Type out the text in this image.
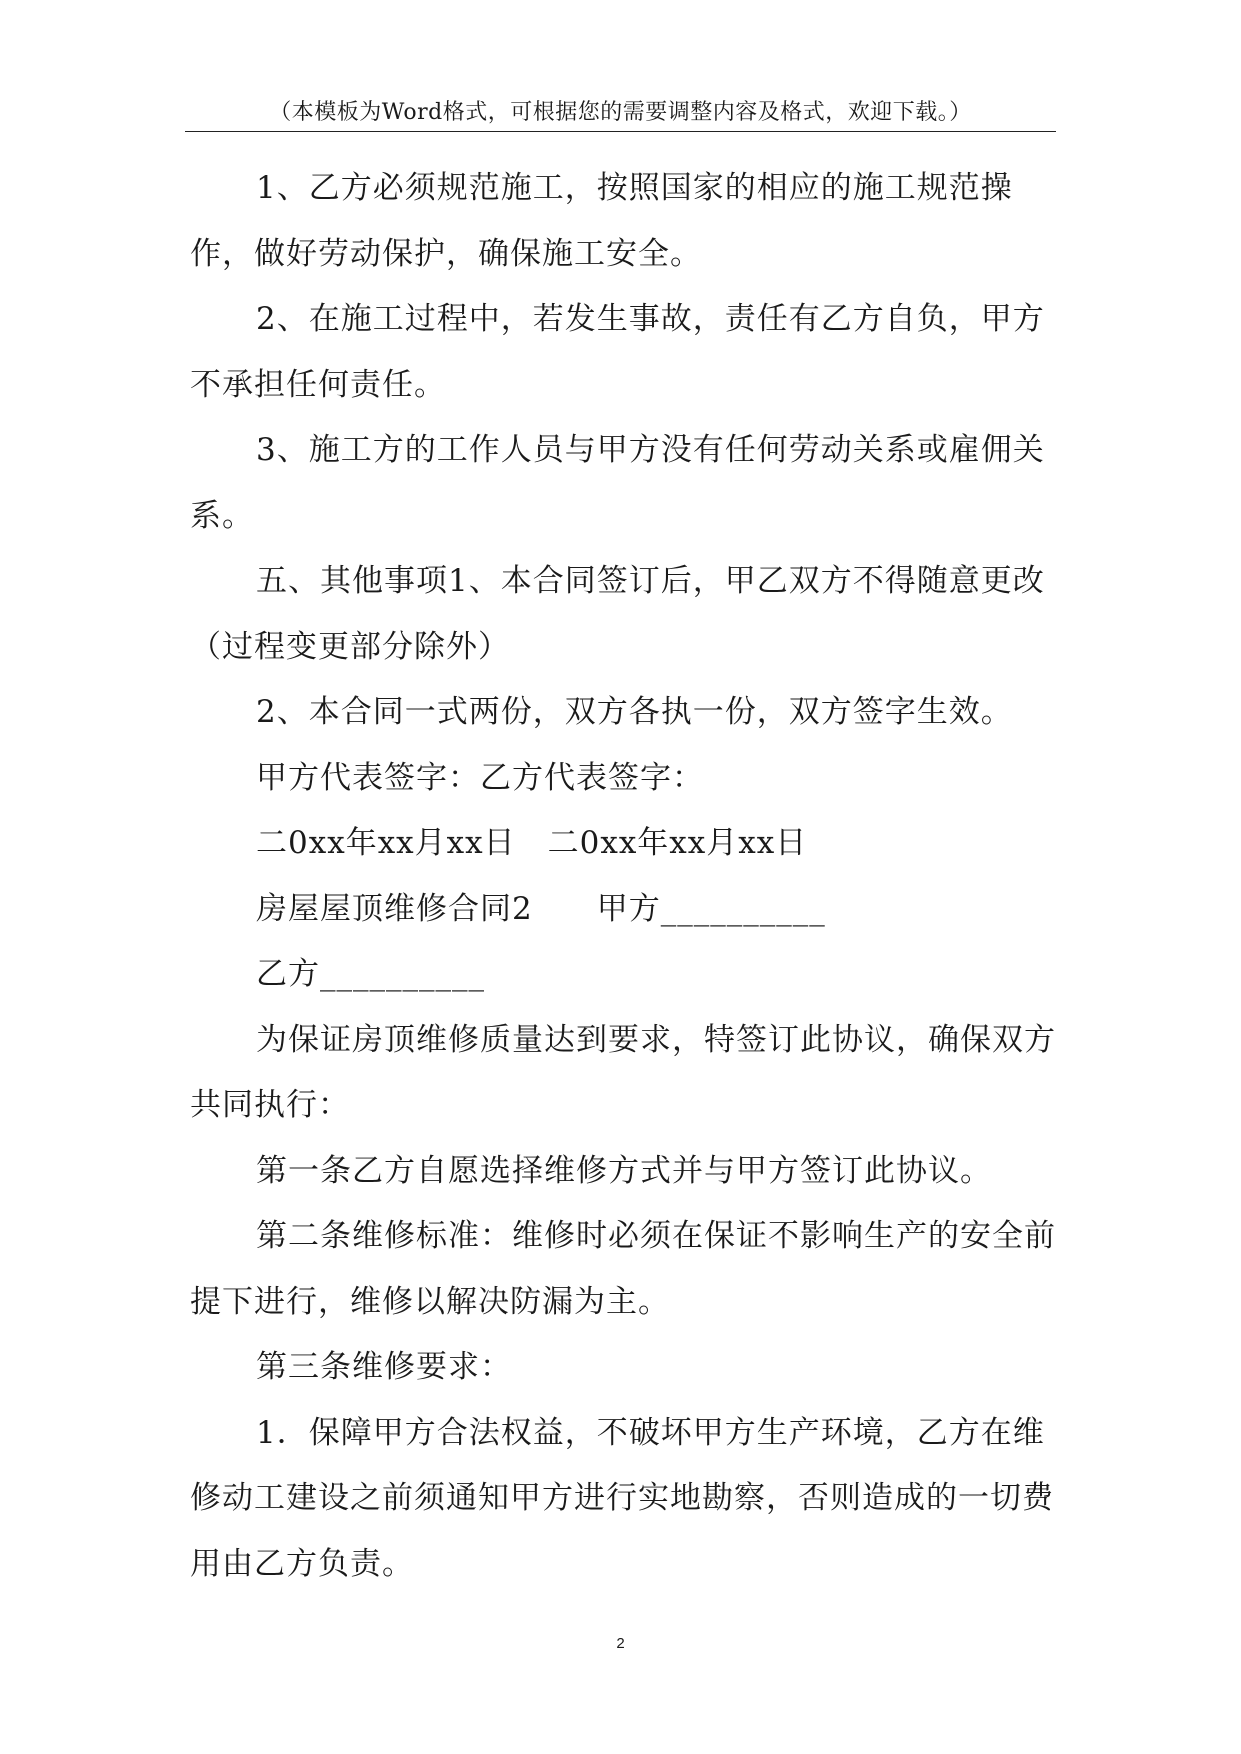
（本模板为Word格式，可根据您的需要调整内容及格式，欢迎下载。）

1、乙方必须规范施工，按照国家的相应的施工规范操作，做好劳动保护，确保施工安全。

2、在施工过程中，若发生事故，责任有乙方自负，甲方不承担任何责任。

3、施工方的工作人员与甲方没有任何劳动关系或雇佣关系。

五、其他事项1、本合同签订后，甲乙双方不得随意更改（过程变更部分除外）

2、本合同一式两份，双方各执一份，双方签字生效。

甲方代表签字：乙方代表签字：

二0xx年xx月xx日　二0xx年xx月xx日

房屋屋顶维修合同2　　甲方__________

乙方__________

为保证房顶维修质量达到要求，特签订此协议，确保双方共同执行：

第一条乙方自愿选择维修方式并与甲方签订此协议。

第二条维修标准：维修时必须在保证不影响生产的安全前提下进行，维修以解决防漏为主。

第三条维修要求：

1．保障甲方合法权益，不破坏甲方生产环境，乙方在维修动工建设之前须通知甲方进行实地勘察，否则造成的一切费用由乙方负责。

2
